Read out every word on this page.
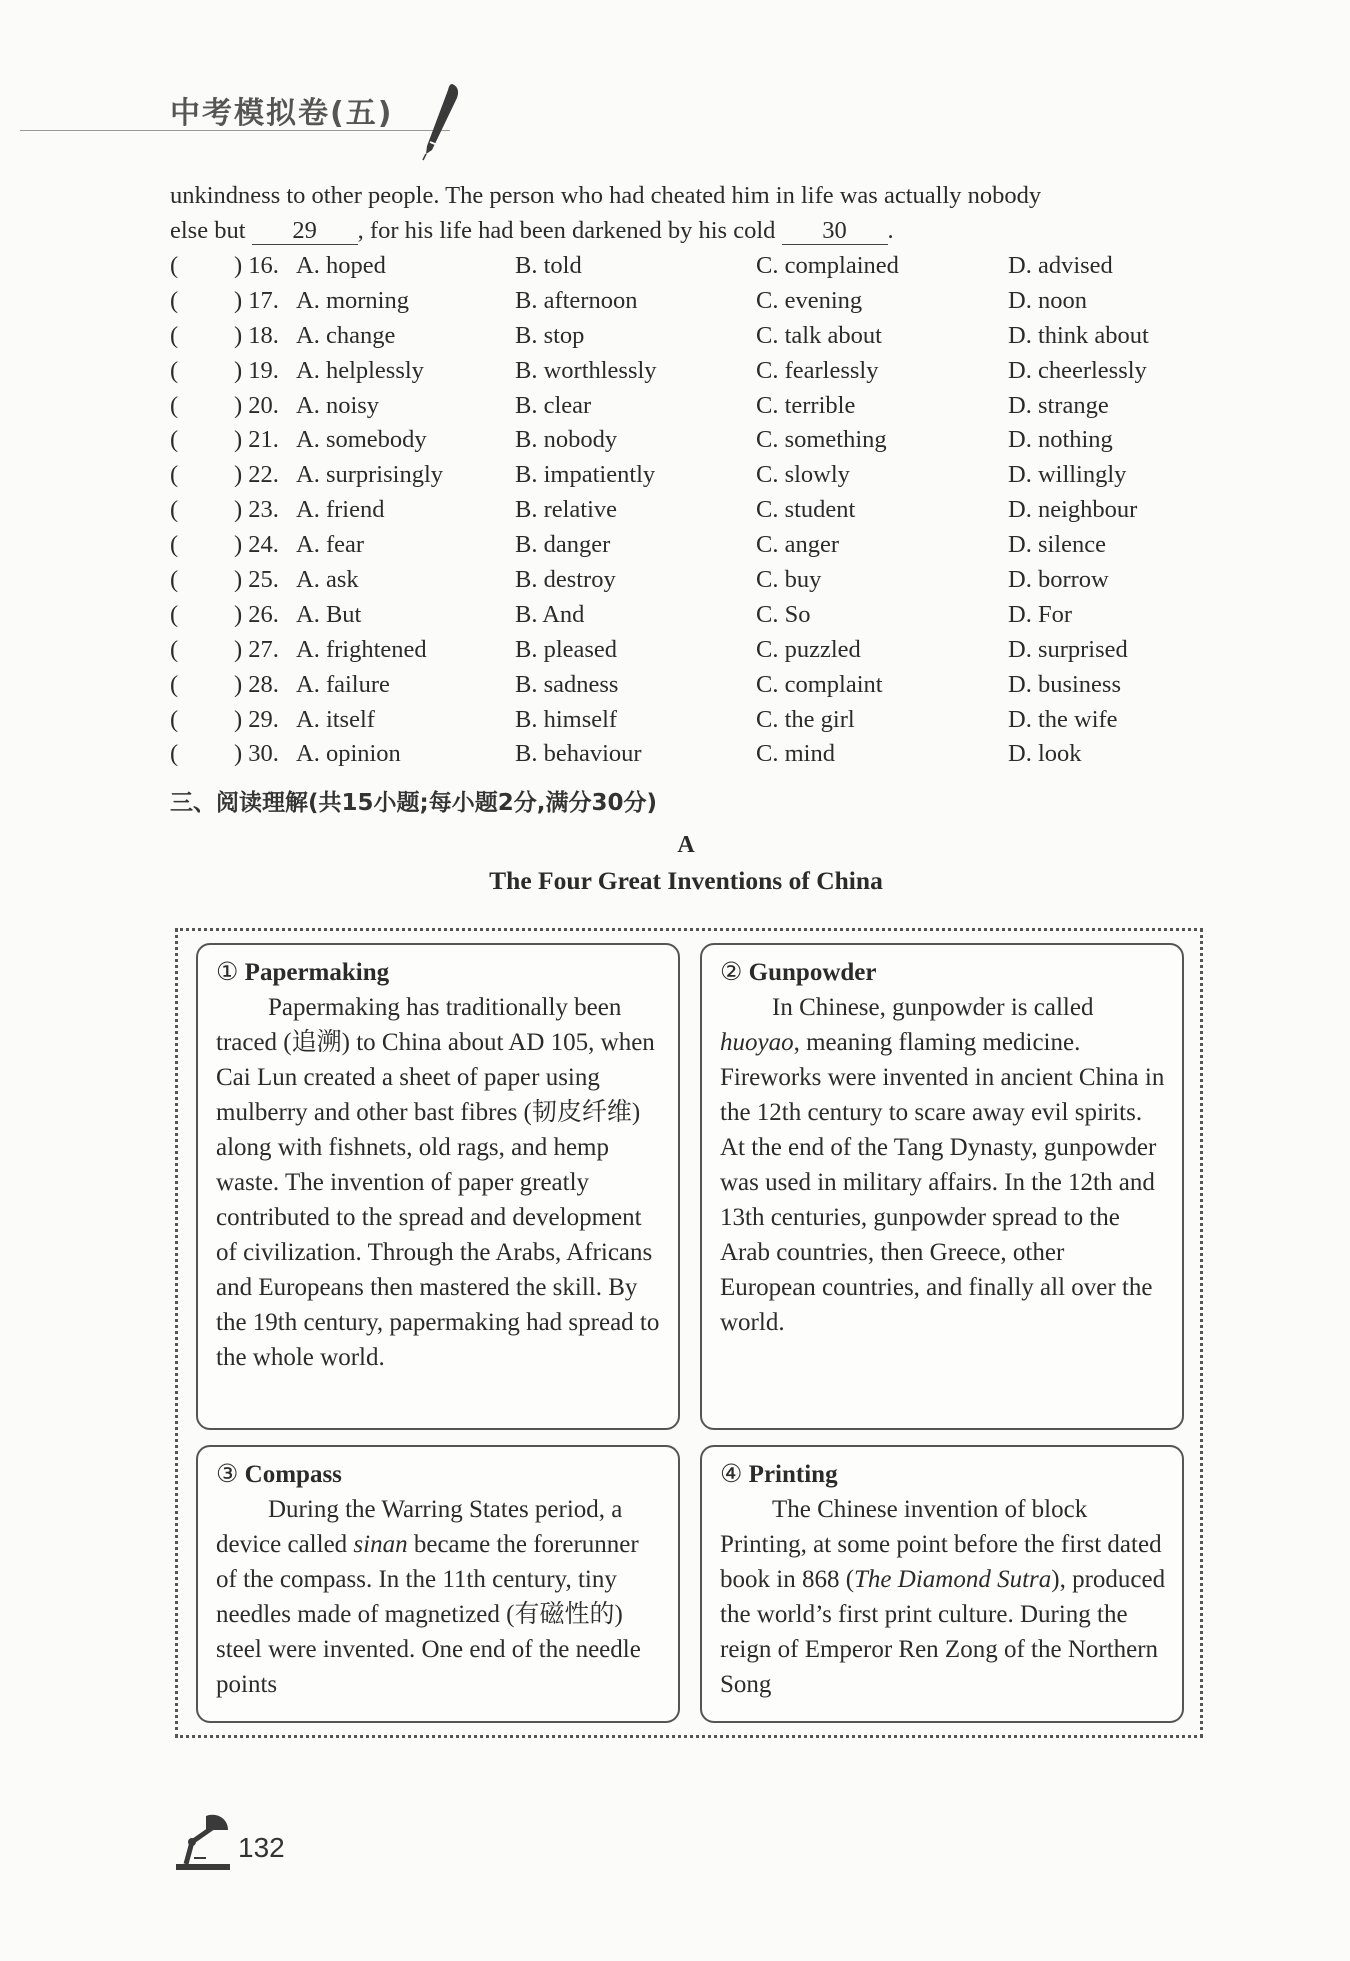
中考模拟卷(五)
unkindness to other people. The person who had cheated him in life was actually nobody
else but 29 , for his life had been darkened by his cold 30 .
( ) 16. A. hoped	B. told	C. complained	D. advised
( ) 17. A. morning	B. afternoon	C. evening	D. noon
( ) 18. A. change	B. stop	C. talk about	D. think about
( ) 19. A. helplessly	B. worthlessly	C. fearlessly	D. cheerlessly
( ) 20. A. noisy	B. clear	C. terrible	D. strange
( ) 21. A. somebody	B. nobody	C. something	D. nothing
( ) 22. A. surprisingly	B. impatiently	C. slowly	D. willingly
( ) 23. A. friend	B. relative	C. student	D. neighbour
( ) 24. A. fear	B. danger	C. anger	D. silence
( ) 25. A. ask	B. destroy	C. buy	D. borrow
( ) 26. A. But	B. And	C. So	D. For
( ) 27. A. frightened	B. pleased	C. puzzled	D. surprised
( ) 28. A. failure	B. sadness	C. complaint	D. business
( ) 29. A. itself	B. himself	C. the girl	D. the wife
( ) 30. A. opinion	B. behaviour	C. mind	D. look
三、阅读理解(共15小题;每小题2分,满分30分)
A
The Four Great Inventions of China
① Papermaking
Papermaking has traditionally been traced (追溯) to China about AD 105, when Cai Lun created a sheet of paper using mulberry and other bast fibres (韧皮纤维) along with fishnets, old rags, and hemp waste. The invention of paper greatly contributed to the spread and development of civilization. Through the Arabs, Africans and Europeans then mastered the skill. By the 19th century, papermaking had spread to the whole world.
② Gunpowder
In Chinese, gunpowder is called huoyao, meaning flaming medicine. Fireworks were invented in ancient China in the 12th century to scare away evil spirits. At the end of the Tang Dynasty, gunpowder was used in military affairs. In the 12th and 13th centuries, gunpowder spread to the Arab countries, then Greece, other European countries, and finally all over the world.
③ Compass
During the Warring States period, a device called sinan became the forerunner of the compass. In the 11th century, tiny needles made of magnetized (有磁性的) steel were invented. One end of the needle points
④ Printing
The Chinese invention of block Printing, at some point before the first dated book in 868 (The Diamond Sutra), produced the world’s first print culture. During the reign of Emperor Ren Zong of the Northern Song
132
